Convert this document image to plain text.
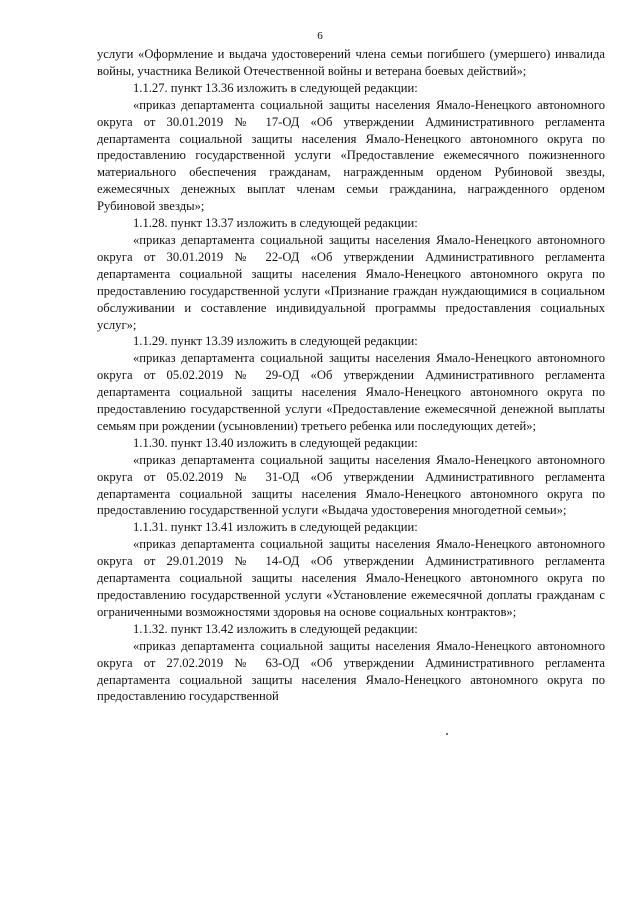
6

услуги «Оформление и выдача удостоверений члена семьи погибшего (умершего) инвалида войны, участника Великой Отечественной войны и ветерана боевых действий»;

1.1.27. пункт 13.36 изложить в следующей редакции:

«приказ департамента социальной защиты населения Ямало-Ненецкого автономного округа от 30.01.2019 № 17-ОД «Об утверждении Административного регламента департамента социальной защиты населения Ямало-Ненецкого автономного округа по предоставлению государственной услуги «Предоставление ежемесячного пожизненного материального обеспечения гражданам, награжденным орденом Рубиновой звезды, ежемесячных денежных выплат членам семьи гражданина, награжденного орденом Рубиновой звезды»;

1.1.28. пункт 13.37 изложить в следующей редакции:

«приказ департамента социальной защиты населения Ямало-Ненецкого автономного округа от 30.01.2019 № 22-ОД «Об утверждении Административного регламента департамента социальной защиты населения Ямало-Ненецкого автономного округа по предоставлению государственной услуги «Признание граждан нуждающимися в социальном обслуживании и составление индивидуальной программы предоставления социальных услуг»;

1.1.29. пункт 13.39 изложить в следующей редакции:

«приказ департамента социальной защиты населения Ямало-Ненецкого автономного округа от 05.02.2019 № 29-ОД «Об утверждении Административного регламента департамента социальной защиты населения Ямало-Ненецкого автономного округа по предоставлению государственной услуги «Предоставление ежемесячной денежной выплаты семьям при рождении (усыновлении) третьего ребенка или последующих детей»;

1.1.30. пункт 13.40 изложить в следующей редакции:

«приказ департамента социальной защиты населения Ямало-Ненецкого автономного округа от 05.02.2019 № 31-ОД «Об утверждении Административного регламента департамента социальной защиты населения Ямало-Ненецкого автономного округа по предоставлению государственной услуги «Выдача удостоверения многодетной семьи»;

1.1.31. пункт 13.41 изложить в следующей редакции:

«приказ департамента социальной защиты населения Ямало-Ненецкого автономного округа от 29.01.2019 № 14-ОД «Об утверждении Административного регламента департамента социальной защиты населения Ямало-Ненецкого автономного округа по предоставлению государственной услуги «Установление ежемесячной доплаты гражданам с ограниченными возможностями здоровья на основе социальных контрактов»;

1.1.32. пункт 13.42 изложить в следующей редакции:

«приказ департамента социальной защиты населения Ямало-Ненецкого автономного округа от 27.02.2019 № 63-ОД «Об утверждении Административного регламента департамента социальной защиты населения Ямало-Ненецкого автономного округа по предоставлению государственной
